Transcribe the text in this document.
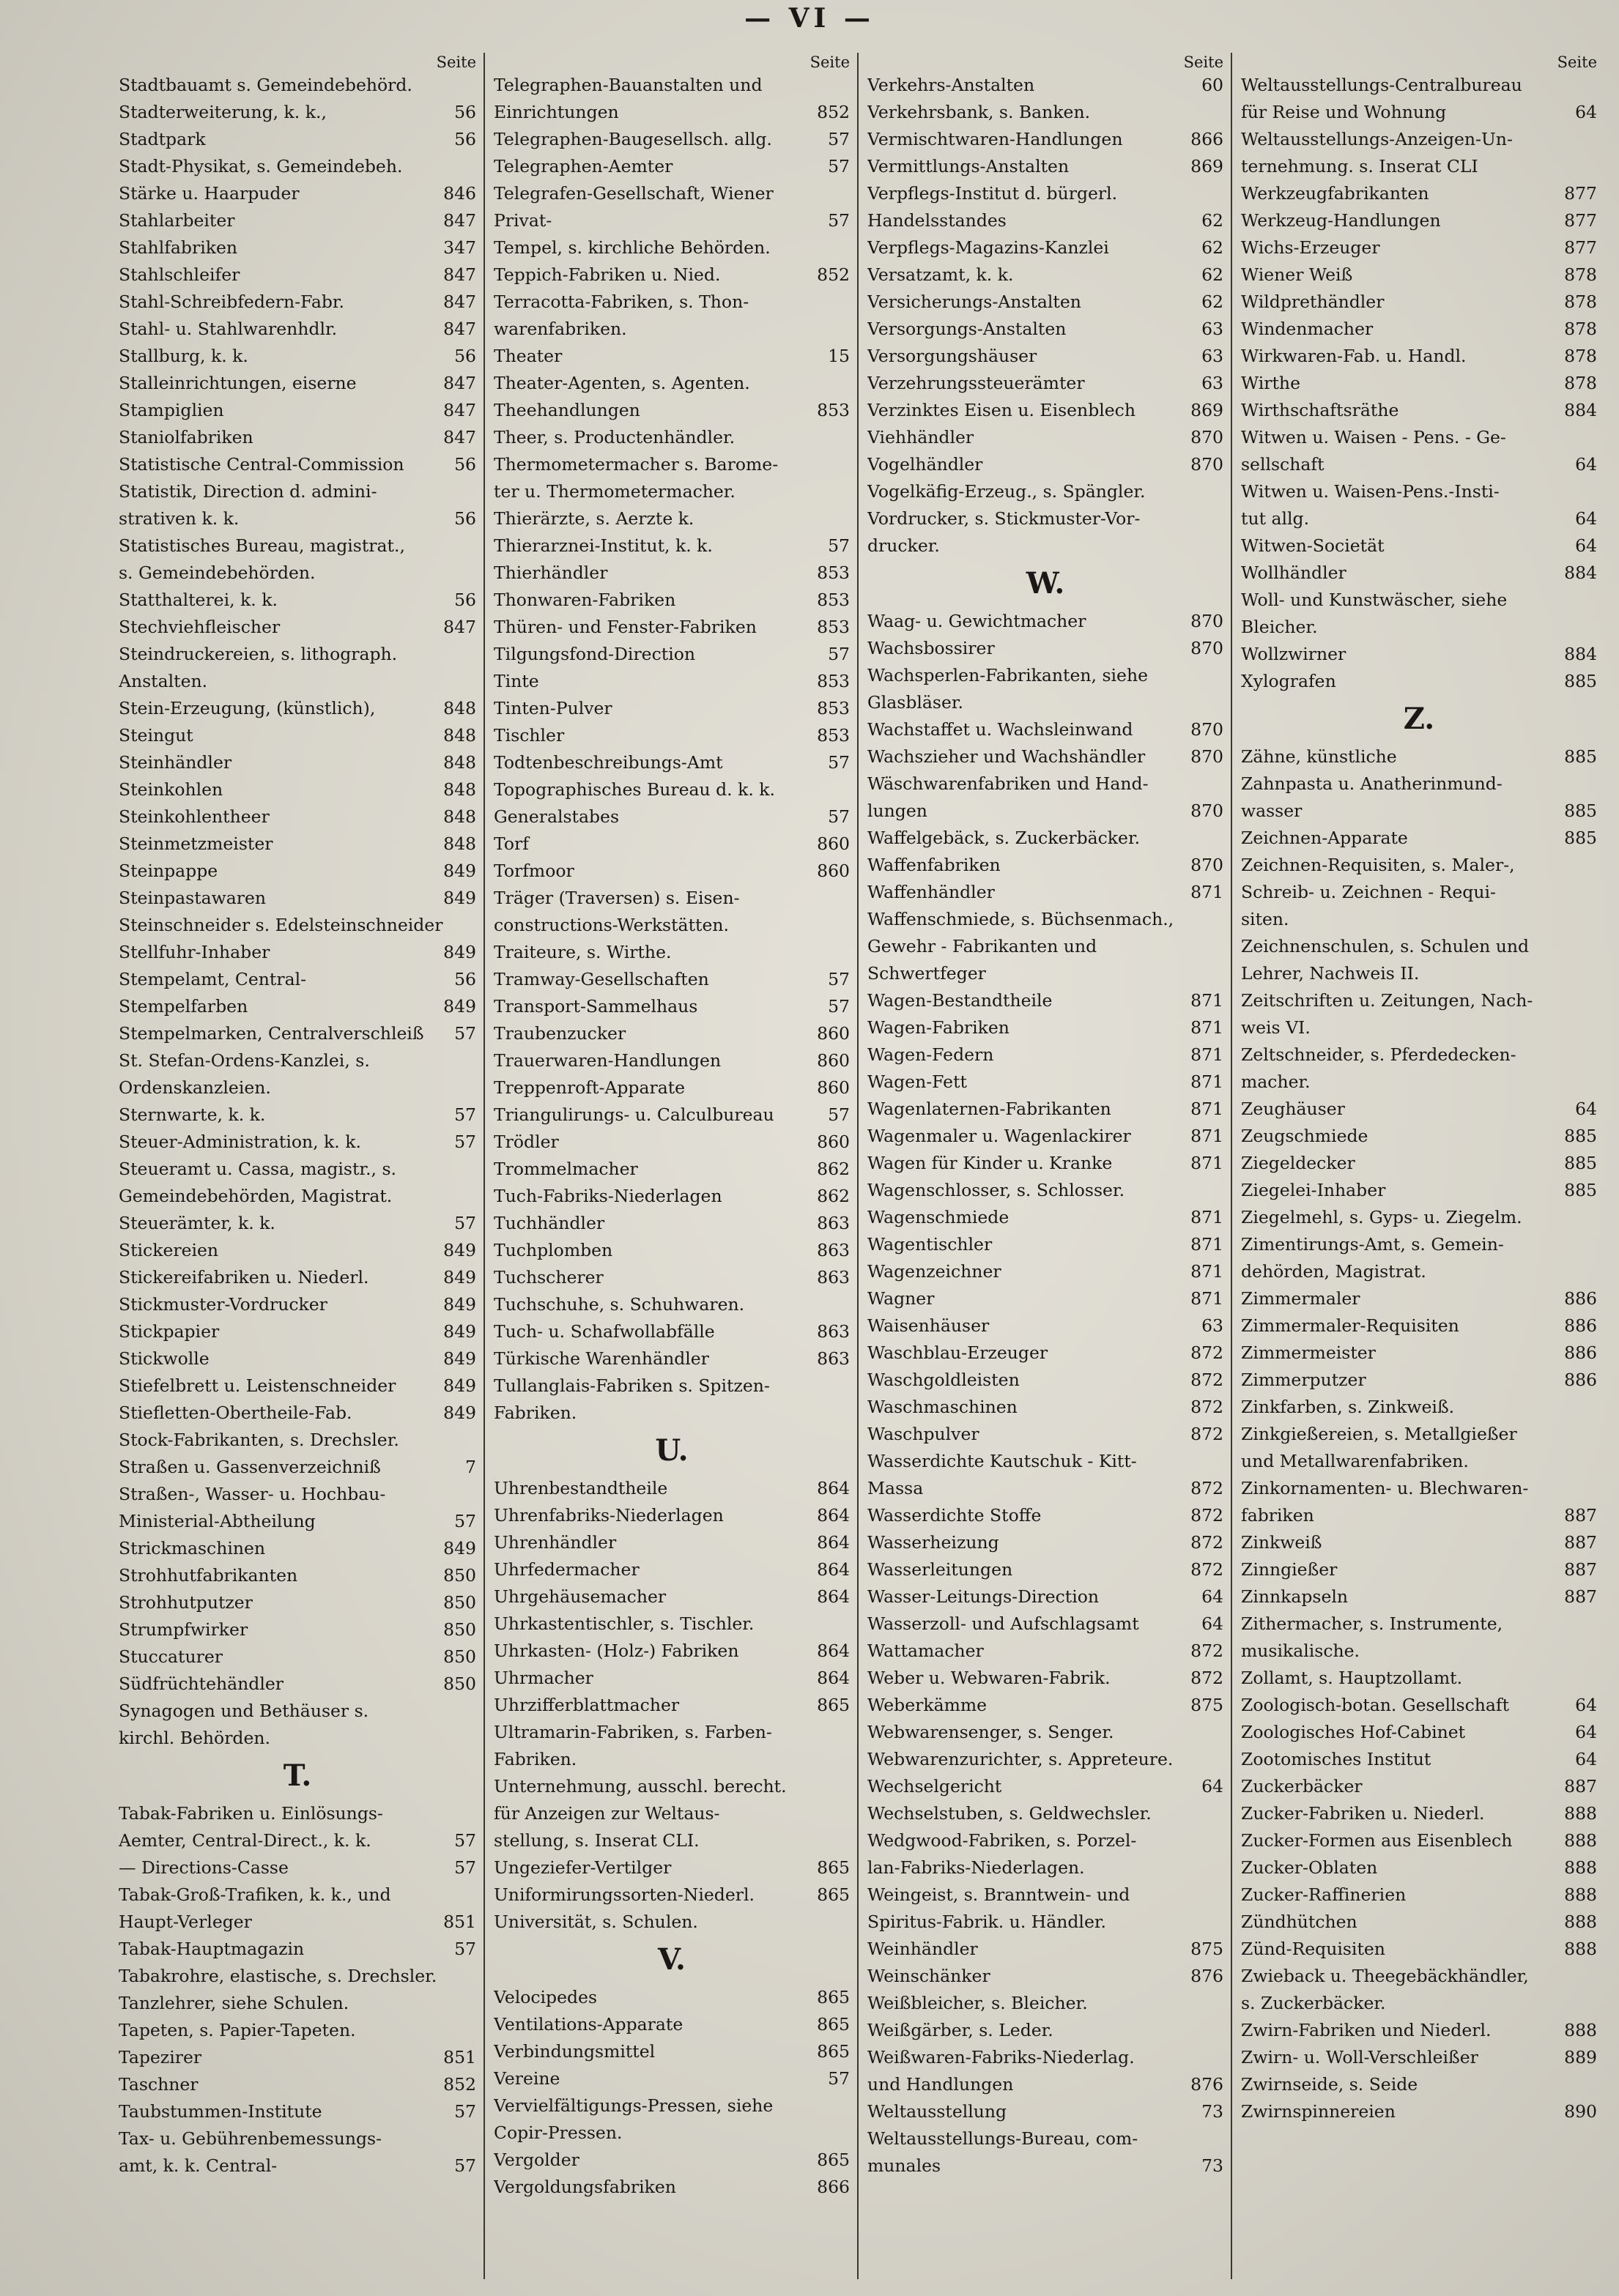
— VI —
Seite
Stadtbauamt s. Gemeindebehörd.
Stadterweiterung, k. k.,	56
Stadtpark	56
Stadt-Physikat, s. Gemeindebeh.
Stärke u. Haarpuder	846
Stahlarbeiter	847
Stahlfabriken	347
Stahlschleifer	847
Stahl-Schreibfedern-Fabr.	847
Stahl- u. Stahlwarenhdlr.	847
Stallburg, k. k.	56
Stalleinrichtungen, eiserne	847
Stampiglien	847
Staniolfabriken	847
Statistische Central-Commission	56
Statistik, Direction d. admini-
strativen k. k.	56
Statistisches Bureau, magistrat.,
s. Gemeindebehörden.
Statthalterei, k. k.	56
Stechviehfleischer	847
Steindruckereien, s. lithograph.
Anstalten.
Stein-Erzeugung, (künstlich),	848
Steingut	848
Steinhändler	848
Steinkohlen	848
Steinkohlentheer	848
Steinmetzmeister	848
Steinpappe	849
Steinpastawaren	849
Steinschneider s. Edelsteinschneider
Stellfuhr-Inhaber	849
Stempelamt, Central-	56
Stempelfarben	849
Stempelmarken, Centralverschleiß	57
St. Stefan-Ordens-Kanzlei, s.
Ordenskanzleien.
Sternwarte, k. k.	57
Steuer-Administration, k. k.	57
Steueramt u. Cassa, magistr., s.
Gemeindebehörden, Magistrat.
Steuerämter, k. k.	57
Stickereien	849
Stickereifabriken u. Niederl.	849
Stickmuster-Vordrucker	849
Stickpapier	849
Stickwolle	849
Stiefelbrett u. Leistenschneider	849
Stiefletten-Obertheile-Fab.	849
Stock-Fabrikanten, s. Drechsler.
Straßen u. Gassenverzeichniß	7
Straßen-, Wasser- u. Hochbau-
Ministerial-Abtheilung	57
Strickmaschinen	849
Strohhutfabrikanten	850
Strohhutputzer	850
Strumpfwirker	850
Stuccaturer	850
Südfrüchtehändler	850
Synagogen und Bethäuser s.
kirchl. Behörden.
T.
Tabak-Fabriken u. Einlösungs-
Aemter, Central-Direct., k. k.	57
— Directions-Casse	57
Tabak-Groß-Trafiken, k. k., und
Haupt-Verleger	851
Tabak-Hauptmagazin	57
Tabakrohre, elastische, s. Drechsler.
Tanzlehrer, siehe Schulen.
Tapeten, s. Papier-Tapeten.
Tapezirer	851
Taschner	852
Taubstummen-Institute	57
Tax- u. Gebührenbemessungs-
amt, k. k. Central-	57
Seite
Telegraphen-Bauanstalten und
Einrichtungen	852
Telegraphen-Baugesellsch. allg.	57
Telegraphen-Aemter	57
Telegrafen-Gesellschaft, Wiener
Privat-	57
Tempel, s. kirchliche Behörden.
Teppich-Fabriken u. Nied.	852
Terracotta-Fabriken, s. Thon-
warenfabriken.
Theater	15
Theater-Agenten, s. Agenten.
Theehandlungen	853
Theer, s. Productenhändler.
Thermometermacher s. Barome-
ter u. Thermometermacher.
Thierärzte, s. Aerzte k.
Thierarznei-Institut, k. k.	57
Thierhändler	853
Thonwaren-Fabriken	853
Thüren- und Fenster-Fabriken	853
Tilgungsfond-Direction	57
Tinte	853
Tinten-Pulver	853
Tischler	853
Todtenbeschreibungs-Amt	57
Topographisches Bureau d. k. k.
Generalstabes	57
Torf	860
Torfmoor	860
Träger (Traversen) s. Eisen-
constructions-Werkstätten.
Traiteure, s. Wirthe.
Tramway-Gesellschaften	57
Transport-Sammelhaus	57
Traubenzucker	860
Trauerwaren-Handlungen	860
Treppenroft-Apparate	860
Triangulirungs- u. Calculbureau	57
Trödler	860
Trommelmacher	862
Tuch-Fabriks-Niederlagen	862
Tuchhändler	863
Tuchplomben	863
Tuchscherer	863
Tuchschuhe, s. Schuhwaren.
Tuch- u. Schafwollabfälle	863
Türkische Warenhändler	863
Tullanglais-Fabriken s. Spitzen-
Fabriken.
U.
Uhrenbestandtheile	864
Uhrenfabriks-Niederlagen	864
Uhrenhändler	864
Uhrfedermacher	864
Uhrgehäusemacher	864
Uhrkastentischler, s. Tischler.
Uhrkasten- (Holz-) Fabriken	864
Uhrmacher	864
Uhrzifferblattmacher	865
Ultramarin-Fabriken, s. Farben-
Fabriken.
Unternehmung, ausschl. berecht.
für Anzeigen zur Weltaus-
stellung, s. Inserat CLI.
Ungeziefer-Vertilger	865
Uniformirungssorten-Niederl.	865
Universität, s. Schulen.
V.
Velocipedes	865
Ventilations-Apparate	865
Verbindungsmittel	865
Vereine	57
Vervielfältigungs-Pressen, siehe
Copir-Pressen.
Vergolder	865
Vergoldungsfabriken	866
Seite
Verkehrs-Anstalten	60
Verkehrsbank, s. Banken.
Vermischtwaren-Handlungen	866
Vermittlungs-Anstalten	869
Verpflegs-Institut d. bürgerl.
Handelsstandes	62
Verpflegs-Magazins-Kanzlei	62
Versatzamt, k. k.	62
Versicherungs-Anstalten	62
Versorgungs-Anstalten	63
Versorgungshäuser	63
Verzehrungssteuerämter	63
Verzinktes Eisen u. Eisenblech	869
Viehhändler	870
Vogelhändler	870
Vogelkäfig-Erzeug., s. Spängler.
Vordrucker, s. Stickmuster-Vor-
drucker.
W.
Waag- u. Gewichtmacher	870
Wachsbossirer	870
Wachsperlen-Fabrikanten, siehe
Glasbläser.
Wachstaffet u. Wachsleinwand	870
Wachszieher und Wachshändler	870
Wäschwarenfabriken und Hand-
lungen	870
Waffelgebäck, s. Zuckerbäcker.
Waffenfabriken	870
Waffenhändler	871
Waffenschmiede, s. Büchsenmach.,
Gewehr - Fabrikanten und
Schwertfeger
Wagen-Bestandtheile	871
Wagen-Fabriken	871
Wagen-Federn	871
Wagen-Fett	871
Wagenlaternen-Fabrikanten	871
Wagenmaler u. Wagenlackirer	871
Wagen für Kinder u. Kranke	871
Wagenschlosser, s. Schlosser.
Wagenschmiede	871
Wagentischler	871
Wagenzeichner	871
Wagner	871
Waisenhäuser	63
Waschblau-Erzeuger	872
Waschgoldleisten	872
Waschmaschinen	872
Waschpulver	872
Wasserdichte Kautschuk - Kitt-
Massa	872
Wasserdichte Stoffe	872
Wasserheizung	872
Wasserleitungen	872
Wasser-Leitungs-Direction	64
Wasserzoll- und Aufschlagsamt	64
Wattamacher	872
Weber u. Webwaren-Fabrik.	872
Weberkämme	875
Webwarensenger, s. Senger.
Webwarenzurichter, s. Appreteure.
Wechselgericht	64
Wechselstuben, s. Geldwechsler.
Wedgwood-Fabriken, s. Porzel-
lan-Fabriks-Niederlagen.
Weingeist, s. Branntwein- und
Spiritus-Fabrik. u. Händler.
Weinhändler	875
Weinschänker	876
Weißbleicher, s. Bleicher.
Weißgärber, s. Leder.
Weißwaren-Fabriks-Niederlag.
und Handlungen	876
Weltausstellung	73
Weltausstellungs-Bureau, com-
munales	73
Seite
Weltausstellungs-Centralbureau
für Reise und Wohnung	64
Weltausstellungs-Anzeigen-Un-
ternehmung. s. Inserat CLI
Werkzeugfabrikanten	877
Werkzeug-Handlungen	877
Wichs-Erzeuger	877
Wiener Weiß	878
Wildprethändler	878
Windenmacher	878
Wirkwaren-Fab. u. Handl.	878
Wirthe	878
Wirthschaftsräthe	884
Witwen u. Waisen - Pens. - Ge-
sellschaft	64
Witwen u. Waisen-Pens.-Insti-
tut allg.	64
Witwen-Societät	64
Wollhändler	884
Woll- und Kunstwäscher, siehe
Bleicher.
Wollzwirner	884
Xylografen	885
Z.
Zähne, künstliche	885
Zahnpasta u. Anatherinmund-
wasser	885
Zeichnen-Apparate	885
Zeichnen-Requisiten, s. Maler-,
Schreib- u. Zeichnen - Requi-
siten.
Zeichnenschulen, s. Schulen und
Lehrer, Nachweis II.
Zeitschriften u. Zeitungen, Nach-
weis VI.
Zeltschneider, s. Pferdedecken-
macher.
Zeughäuser	64
Zeugschmiede	885
Ziegeldecker	885
Ziegelei-Inhaber	885
Ziegelmehl, s. Gyps- u. Ziegelm.
Zimentirungs-Amt, s. Gemein-
dehörden, Magistrat.
Zimmermaler	886
Zimmermaler-Requisiten	886
Zimmermeister	886
Zimmerputzer	886
Zinkfarben, s. Zinkweiß.
Zinkgießereien, s. Metallgießer
und Metallwarenfabriken.
Zinkornamenten- u. Blechwaren-
fabriken	887
Zinkweiß	887
Zinngießer	887
Zinnkapseln	887
Zithermacher, s. Instrumente,
musikalische.
Zollamt, s. Hauptzollamt.
Zoologisch-botan. Gesellschaft	64
Zoologisches Hof-Cabinet	64
Zootomisches Institut	64
Zuckerbäcker	887
Zucker-Fabriken u. Niederl.	888
Zucker-Formen aus Eisenblech	888
Zucker-Oblaten	888
Zucker-Raffinerien	888
Zündhütchen	888
Zünd-Requisiten	888
Zwieback u. Theegebäckhändler,
s. Zuckerbäcker.
Zwirn-Fabriken und Niederl.	888
Zwirn- u. Woll-Verschleißer	889
Zwirnseide, s. Seide
Zwirnspinnereien	890
